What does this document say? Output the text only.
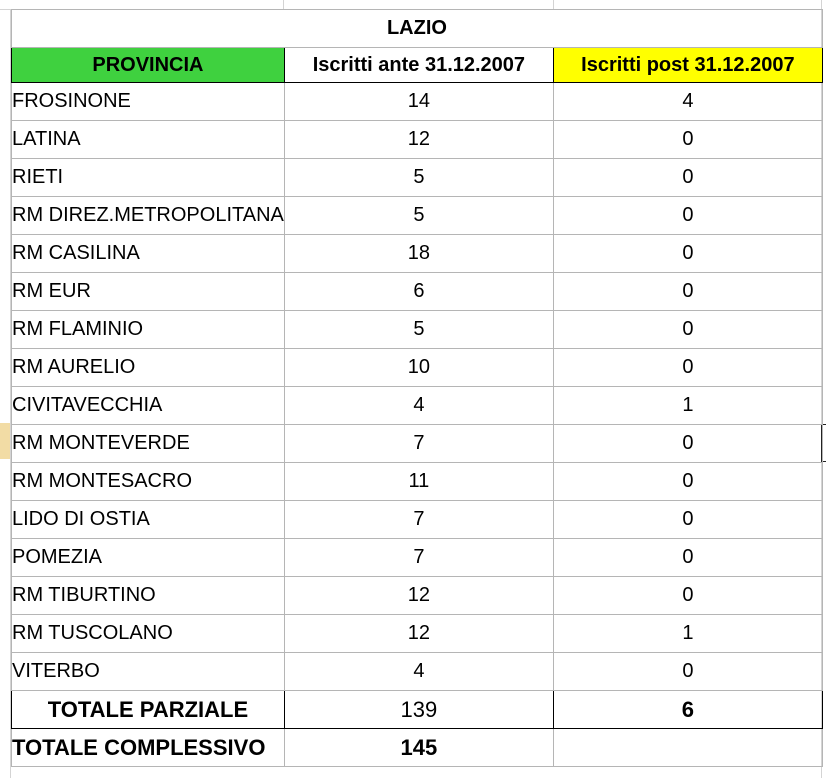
LAZIO		
PROVINCIA	Iscritti ante 31.12.2007	Iscritti post 31.12.2007
FROSINONE	14	4
LATINA	12	0
RIETI	5	0
RM DIREZ.METROPOLITANA	5	0
RM CASILINA	18	0
RM EUR	6	0
RM FLAMINIO	5	0
RM AURELIO	10	0
CIVITAVECCHIA	4	1
RM MONTEVERDE	7	0
RM MONTESACRO	11	0
LIDO DI OSTIA	7	0
POMEZIA	7	0
RM TIBURTINO	12	0
RM TUSCOLANO	12	1
VITERBO	4	0
TOTALE PARZIALE	139	6
TOTALE COMPLESSIVO	145	
